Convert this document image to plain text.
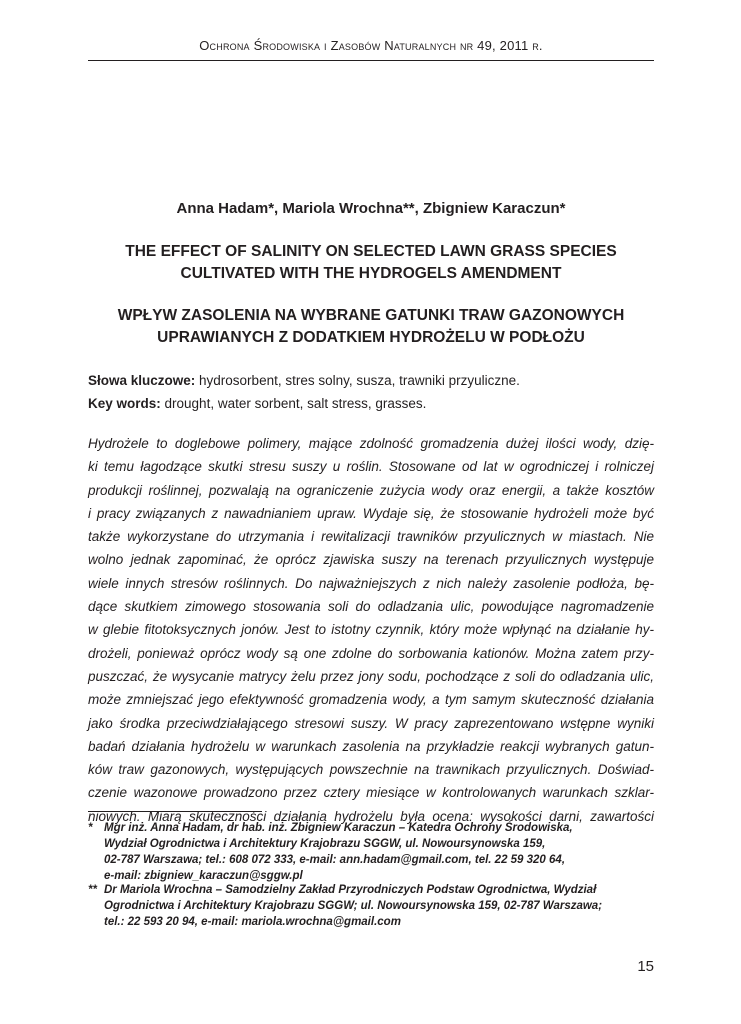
Ochrona Środowiska i Zasobów Naturalnych nr 49, 2011 r.
Anna Hadam*, Mariola Wrochna**, Zbigniew Karaczun*
THE EFFECT OF SALINITY ON SELECTED LAWN GRASS SPECIES
CULTIVATED WITH THE HYDROGELS AMENDMENT
WPŁYW ZASOLENIA NA WYBRANE GATUNKI TRAW GAZONOWYCH
UPRAWIANYCH Z DODATKIEM HYDROŻELU W PODŁOŻU
Słowa kluczowe: hydrosorbent, stres solny, susza, trawniki przyuliczne.
Key words: drought, water sorbent, salt stress, grasses.
Hydrożele to doglebowe polimery, mające zdolność gromadzenia dużej ilości wody, dzię-
ki temu łagodzące skutki stresu suszy u roślin. Stosowane od lat w ogrodniczej i rolniczej
produkcji roślinnej, pozwalają na ograniczenie zużycia wody oraz energii, a także kosztów
i pracy związanych z nawadnianiem upraw. Wydaje się, że stosowanie hydrożeli może być
także wykorzystane do utrzymania i rewitalizacji trawników przyulicznych w miastach. Nie
wolno jednak zapominać, że oprócz zjawiska suszy na terenach przyulicznych występuje
wiele innych stresów roślinnych. Do najważniejszych z nich należy zasolenie podłoża, bę-
dące skutkiem zimowego stosowania soli do odladzania ulic, powodujące nagromadzenie
w glebie fitotoksycznych jonów. Jest to istotny czynnik, który może wpłynąć na działanie hy-
drożeli, ponieważ oprócz wody są one zdolne do sorbowania kationów. Można zatem przy-
puszczać, że wysycanie matrycy żelu przez jony sodu, pochodzące z soli do odladzania ulic,
może zmniejszać jego efektywność gromadzenia wody, a tym samym skuteczność działania
jako środka przeciwdziałającego stresowi suszy. W pracy zaprezentowano wstępne wyniki
badań działania hydrożelu w warunkach zasolenia na przykładzie reakcji wybranych gatun-
ków traw gazonowych, występujących powszechnie na trawnikach przyulicznych. Doświad-
czenie wazonowe prowadzono przez cztery miesiące w kontrolowanych warunkach szklar-
niowych. Miarą skuteczności działania hydrożelu była ocena: wysokości darni, zawartości
* Mgr inż. Anna Hadam, dr hab. inż. Zbigniew Karaczun – Katedra Ochrony Środowiska,
Wydział Ogrodnictwa i Architektury Krajobrazu SGGW, ul. Nowoursynowska 159,
02-787 Warszawa; tel.: 608 072 333, e-mail: ann.hadam@gmail.com, tel. 22 59 320 64,
e-mail: zbigniew_karaczun@sggw.pl
** Dr Mariola Wrochna – Samodzielny Zakład Przyrodniczych Podstaw Ogrodnictwa, Wydział
Ogrodnictwa i Architektury Krajobrazu SGGW; ul. Nowoursynowska 159, 02-787 Warszawa;
tel.: 22 593 20 94, e-mail: mariola.wrochna@gmail.com
15
